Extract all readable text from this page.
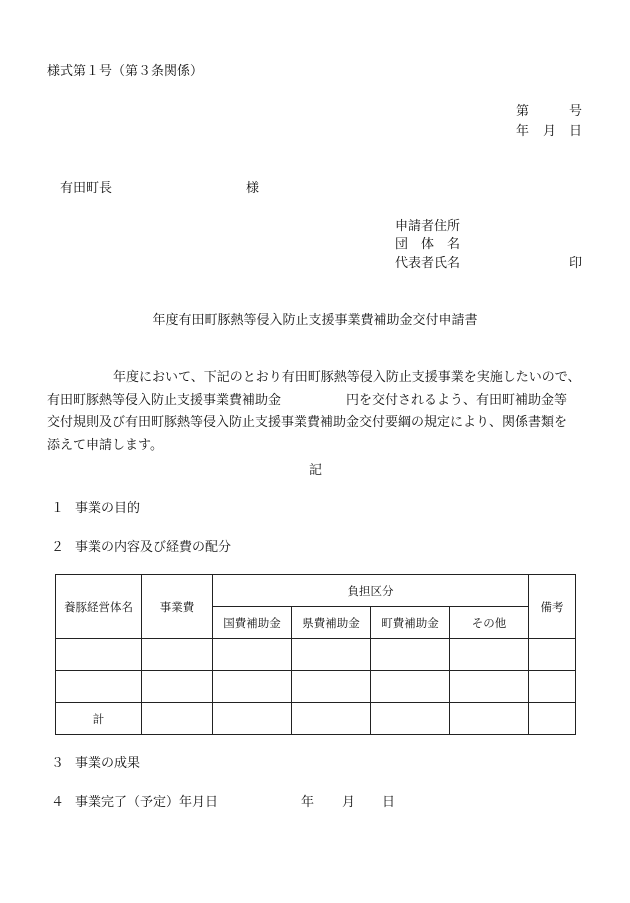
様式第１号（第３条関係）
第	号
年 月 日
有田町長	様
申請者住所
団　体　名
代表者氏名	印
年度有田町豚熱等侵入防止支援事業費補助金交付申請書
年度において、下記のとおり有田町豚熱等侵入防止支援事業を実施したいので、
有田町豚熱等侵入防止支援事業費補助金	円を交付されるよう、有田町補助金等
交付規則及び有田町豚熱等侵入防止支援事業費補助金交付要綱の規定により、関係書類を
添えて申請します。
記
１ 事業の目的
２ 事業の内容及び経費の配分
養豚経営体名	事業費	負担区分				備考
		国費補助金	県費補助金	町費補助金	その他	

計						
３ 事業の成果
４ 事業完了（予定）年月日	年 月 日
